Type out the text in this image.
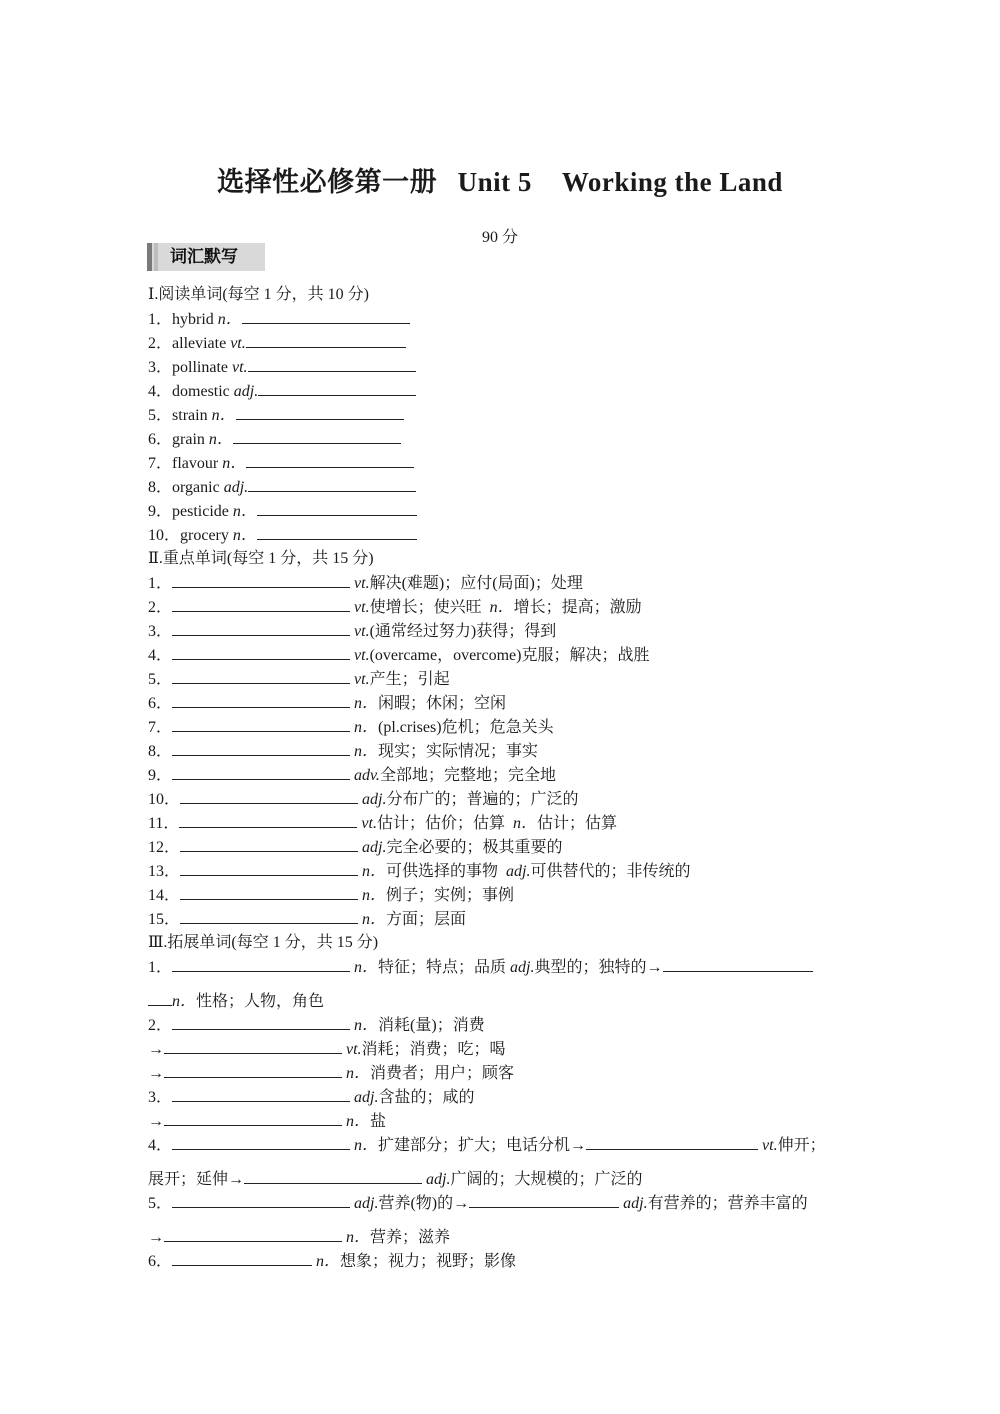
选择性必修第一册 Unit 5 Working the Land
90 分
词汇默写
Ⅰ.阅读单词(每空 1 分，共 10 分)
1．hybrid n．
2．alleviate vt.
3．pollinate vt.
4．domestic adj.
5．strain n．
6．grain n．
7．flavour n．
8．organic adj.
9．pesticide n．
10．grocery n．
Ⅱ.重点单词(每空 1 分，共 15 分)
1．	vt.解决(难题)；应付(局面)；处理
2．	vt.使增长；使兴旺 n．增长；提高；激励
3．	vt.(通常经过努力)获得；得到
4．	vt.(overcame，overcome)克服；解决；战胜
5．	vt.产生；引起
6．	n．闲暇；休闲；空闲
7．	n．(pl.crises)危机；危急关头
8．	n．现实；实际情况；事实
9．	adv.全部地；完整地；完全地
10．	adj.分布广的；普遍的；广泛的
11．	vt.估计；估价；估算 n．估计；估算
12．	adj.完全必要的；极其重要的
13．	n．可供选择的事物 adj.可供替代的；非传统的
14．	n．例子；实例；事例
15．	n．方面；层面
Ⅲ.拓展单词(每空 1 分，共 15 分)
1．	n．特征；特点；品质 adj.典型的；独特的→
n．性格；人物，角色
2．	n．消耗(量)；消费
→	vt.消耗；消费；吃；喝
→	n．消费者；用户；顾客
3．	adj.含盐的；咸的
→	n．盐
4．	n．扩建部分；扩大；电话分机→	vt.伸开；
展开；延伸→	adj.广阔的；大规模的；广泛的
5．	adj.营养(物)的→	adj.有营养的；营养丰富的
→	n．营养；滋养
6．	n．想象；视力；视野；影像
